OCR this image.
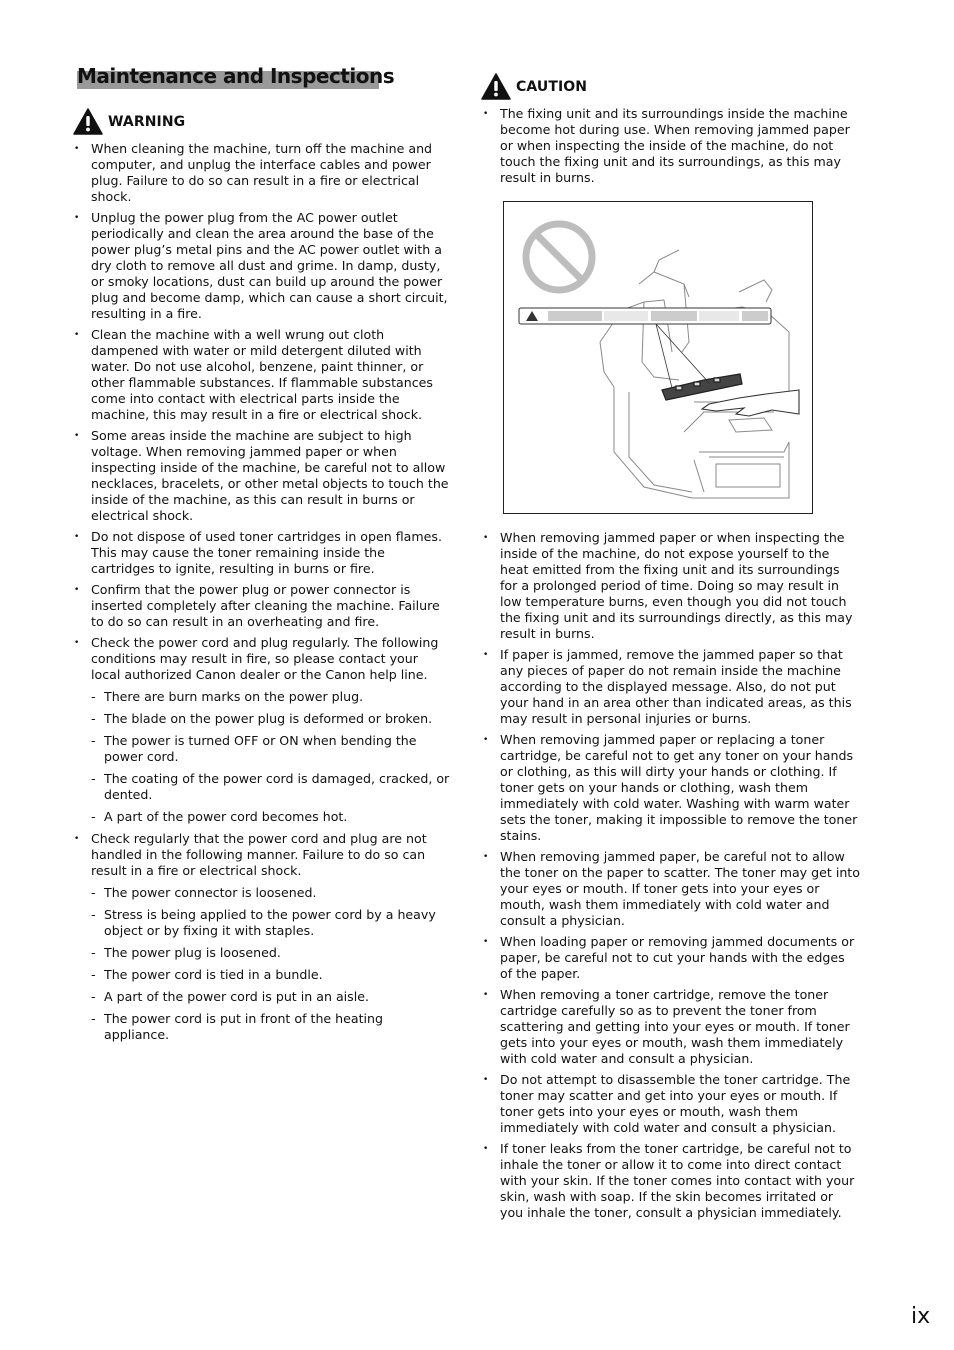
Maintenance and Inspections
WARNING
• When cleaning the machine, turn off the machine and computer, and unplug the interface cables and power plug. Failure to do so can result in a fire or electrical shock.
• Unplug the power plug from the AC power outlet periodically and clean the area around the base of the power plug’s metal pins and the AC power outlet with a dry cloth to remove all dust and grime. In damp, dusty, or smoky locations, dust can build up around the power plug and become damp, which can cause a short circuit, resulting in a fire.
• Clean the machine with a well wrung out cloth dampened with water or mild detergent diluted with water. Do not use alcohol, benzene, paint thinner, or other flammable substances. If flammable substances come into contact with electrical parts inside the machine, this may result in a fire or electrical shock.
• Some areas inside the machine are subject to high voltage. When removing jammed paper or when inspecting inside of the machine, be careful not to allow necklaces, bracelets, or other metal objects to touch the inside of the machine, as this can result in burns or electrical shock.
• Do not dispose of used toner cartridges in open flames. This may cause the toner remaining inside the cartridges to ignite, resulting in burns or fire.
• Confirm that the power plug or power connector is inserted completely after cleaning the machine. Failure to do so can result in an overheating and fire.
• Check the power cord and plug regularly. The following conditions may result in fire, so please contact your local authorized Canon dealer or the Canon help line.
- There are burn marks on the power plug.
- The blade on the power plug is deformed or broken.
- The power is turned OFF or ON when bending the power cord.
- The coating of the power cord is damaged, cracked, or dented.
- A part of the power cord becomes hot.
• Check regularly that the power cord and plug are not handled in the following manner. Failure to do so can result in a fire or electrical shock.
- The power connector is loosened.
- Stress is being applied to the power cord by a heavy object or by fixing it with staples.
- The power plug is loosened.
- The power cord is tied in a bundle.
- A part of the power cord is put in an aisle.
- The power cord is put in front of the heating appliance.
CAUTION
• The fixing unit and its surroundings inside the machine become hot during use. When removing jammed paper or when inspecting the inside of the machine, do not touch the fixing unit and its surroundings, as this may result in burns.
• When removing jammed paper or when inspecting the inside of the machine, do not expose yourself to the heat emitted from the fixing unit and its surroundings for a prolonged period of time. Doing so may result in low temperature burns, even though you did not touch the fixing unit and its surroundings directly, as this may result in burns.
• If paper is jammed, remove the jammed paper so that any pieces of paper do not remain inside the machine according to the displayed message. Also, do not put your hand in an area other than indicated areas, as this may result in personal injuries or burns.
• When removing jammed paper or replacing a toner cartridge, be careful not to get any toner on your hands or clothing, as this will dirty your hands or clothing. If toner gets on your hands or clothing, wash them immediately with cold water. Washing with warm water sets the toner, making it impossible to remove the toner stains.
• When removing jammed paper, be careful not to allow the toner on the paper to scatter. The toner may get into your eyes or mouth. If toner gets into your eyes or mouth, wash them immediately with cold water and consult a physician.
• When loading paper or removing jammed documents or paper, be careful not to cut your hands with the edges of the paper.
• When removing a toner cartridge, remove the toner cartridge carefully so as to prevent the toner from scattering and getting into your eyes or mouth. If toner gets into your eyes or mouth, wash them immediately with cold water and consult a physician.
• Do not attempt to disassemble the toner cartridge. The toner may scatter and get into your eyes or mouth. If toner gets into your eyes or mouth, wash them immediately with cold water and consult a physician.
• If toner leaks from the toner cartridge, be careful not to inhale the toner or allow it to come into direct contact with your skin. If the toner comes into contact with your skin, wash with soap. If the skin becomes irritated or you inhale the toner, consult a physician immediately.
ix
